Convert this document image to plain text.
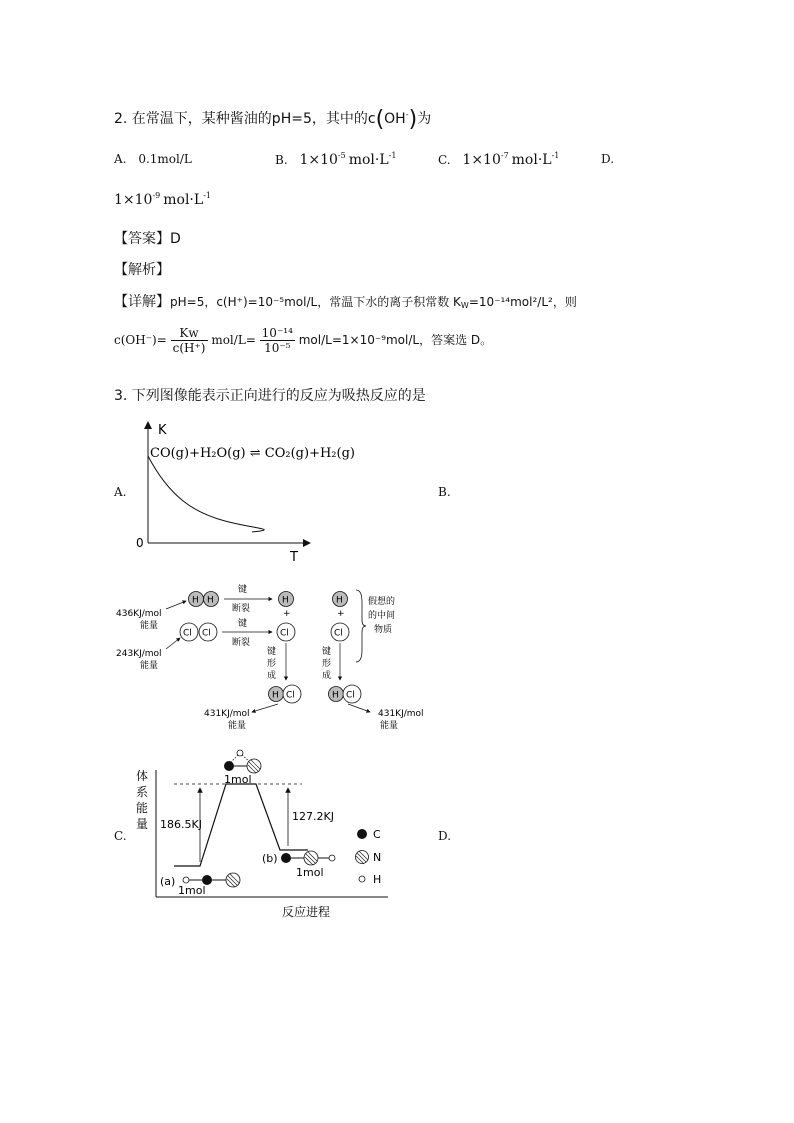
2. 在常温下，某种酱油的pH=5，其中的c(OH-)为
A. 0.1mol/L	B. $1\times 10^{-5}$ $mol\cdot L^{-1}$	C. $1\times 10^{-7}$ $mol\cdot L^{-1}$	D.
$1\times 10^{-9}$ $mol\cdot L^{-1}$
【答案】D
【解析】
【详解】pH=5，c(H⁺)=10⁻⁵mol/L，常温下水的离子积常数 $K_W=10^{-14}mol^2/L^2$，则
$c(OH^-)= \frac{Kw}{c(H^+)} mol/L= \frac{\text{10⁻¹⁴}}{\text{10⁻⁵}} mol/L=1\times 10^{-9}mol/L$，答案选 D。
3. 下列图像能表示正向进行的反应为吸热反应的是
A.	B.
C.	D.
K
T
0
CO(g)+H₂O(g) ⇌ CO₂(g)+H₂(g)
H H
Cl Cl
436KJ/mol
能量
243KJ/mol
能量
键
断裂
键
断裂
H
+
Cl
H
+
Cl
假想的
的中间
物质
键
形
成
键
形
成
H Cl	H Cl
431KJ/mol
能量
431KJ/mol
能量
体
系
能
量
反应进程
186.5KJ
127.2KJ
1mol
(a)
1mol
(b)
1mol
C
N
H
